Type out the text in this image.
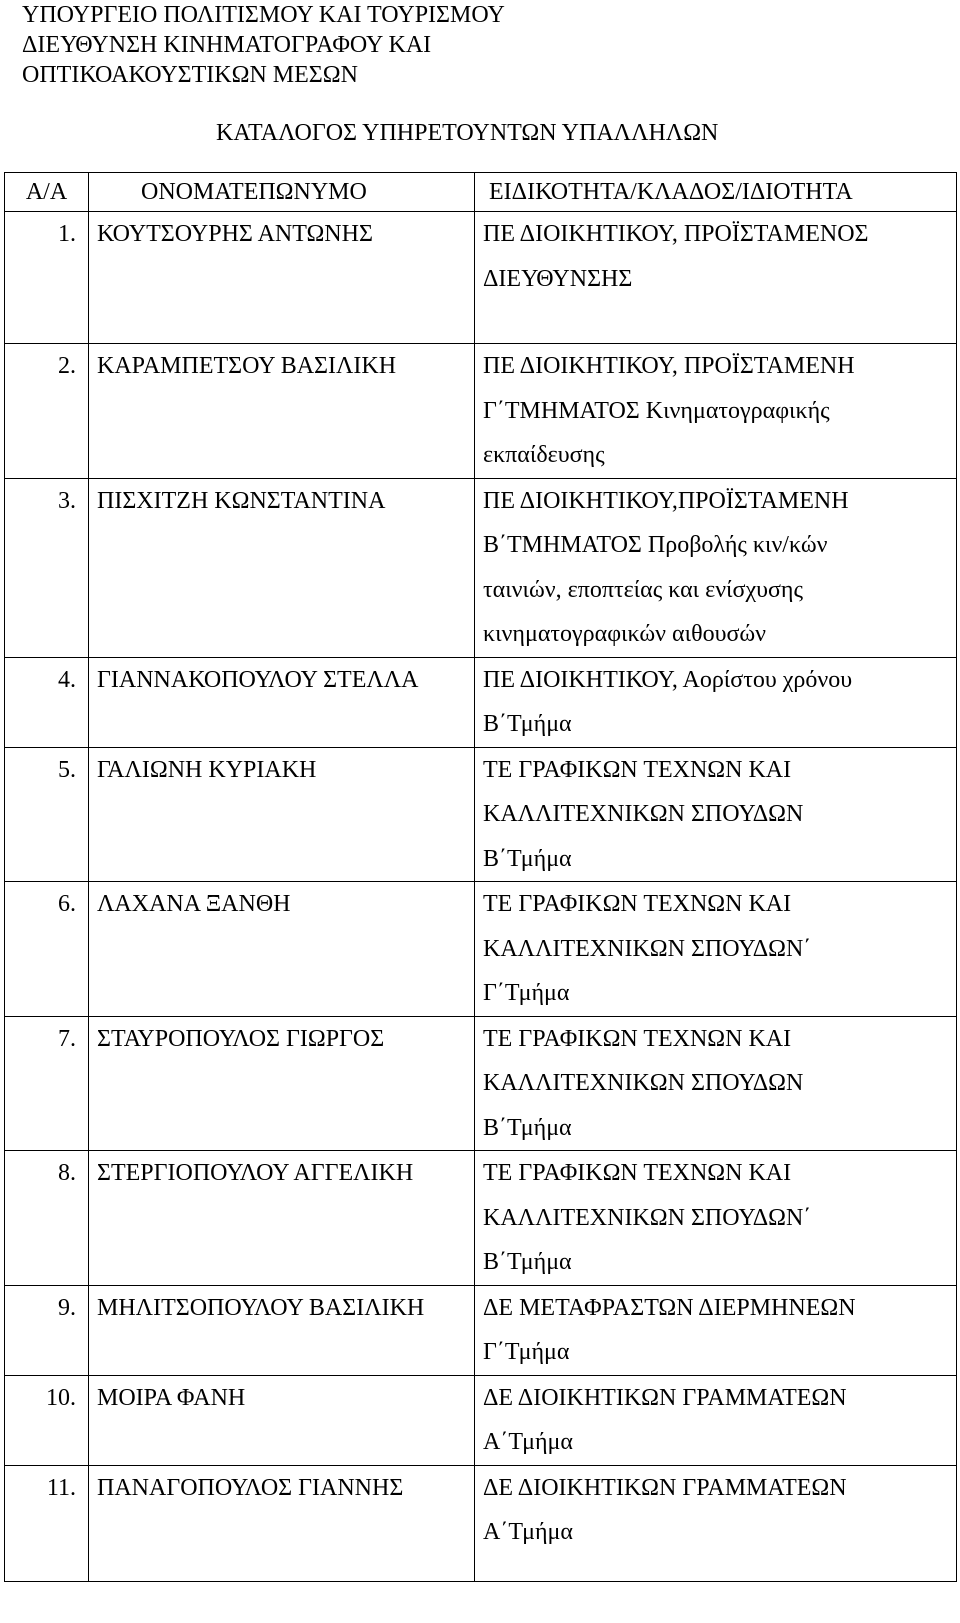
ΥΠΟΥΡΓΕΙΟ ΠΟΛΙΤΙΣΜΟΥ ΚΑΙ ΤΟΥΡΙΣΜΟΥ
ΔΙΕΥΘΥΝΣΗ ΚΙΝΗΜΑΤΟΓΡΑΦΟΥ ΚΑΙ
ΟΠΤΙΚΟΑΚΟΥΣΤΙΚΩΝ ΜΕΣΩΝ
ΚΑΤΑΛΟΓΟΣ ΥΠΗΡΕΤΟΥΝΤΩΝ ΥΠΑΛΛΗΛΩΝ
Α/Α	ΟΝΟΜΑΤΕΠΩΝΥΜΟ	ΕΙΔΙΚΟΤΗΤΑ/ΚΛΑΔΟΣ/ΙΔΙΟΤΗΤΑ
1.	ΚΟΥΤΣΟΥΡΗΣ ΑΝΤΩΝΗΣ	ΠΕ ΔΙΟΙΚΗΤΙΚΟΥ, ΠΡΟΪΣΤΑΜΕΝΟΣ
ΔΙΕΥΘΥΝΣΗΣ

2.	ΚΑΡΑΜΠΕΤΣΟΥ ΒΑΣΙΛΙΚΗ	ΠΕ ΔΙΟΙΚΗΤΙΚΟΥ, ΠΡΟΪΣΤΑΜΕΝΗ
Γ΄ΤΜΗΜΑΤΟΣ Κινηματογραφικής
εκπαίδευσης

3.	ΠΙΣΧΙΤΖΗ ΚΩΝΣΤΑΝΤΙΝΑ	ΠΕ ΔΙΟΙΚΗΤΙΚΟΥ,ΠΡΟΪΣΤΑΜΕΝΗ
Β΄ΤΜΗΜΑΤΟΣ Προβολής κιν/κών
ταινιών, εποπτείας και ενίσχυσης
κινηματογραφικών αιθουσών

4.	ΓΙΑΝΝΑΚΟΠΟΥΛΟΥ ΣΤΕΛΛΑ	ΠΕ ΔΙΟΙΚΗΤΙΚΟΥ, Αορίστου χρόνου
Β΄Τμήμα

5.	ΓΑΛΙΩΝΗ ΚΥΡΙΑΚΗ	ΤΕ ΓΡΑΦΙΚΩΝ ΤΕΧΝΩΝ ΚΑΙ
ΚΑΛΛΙΤΕΧΝΙΚΩΝ ΣΠΟΥΔΩΝ
Β΄Τμήμα

6.	ΛΑΧΑΝΑ ΞΑΝΘΗ	ΤΕ ΓΡΑΦΙΚΩΝ ΤΕΧΝΩΝ ΚΑΙ
ΚΑΛΛΙΤΕΧΝΙΚΩΝ ΣΠΟΥΔΩΝ΄
Γ΄Τμήμα

7.	ΣΤΑΥΡΟΠΟΥΛΟΣ ΓΙΩΡΓΟΣ	ΤΕ ΓΡΑΦΙΚΩΝ ΤΕΧΝΩΝ ΚΑΙ
ΚΑΛΛΙΤΕΧΝΙΚΩΝ ΣΠΟΥΔΩΝ
Β΄Τμήμα

8.	ΣΤΕΡΓΙΟΠΟΥΛΟΥ ΑΓΓΕΛΙΚΗ	ΤΕ ΓΡΑΦΙΚΩΝ ΤΕΧΝΩΝ ΚΑΙ
ΚΑΛΛΙΤΕΧΝΙΚΩΝ ΣΠΟΥΔΩΝ΄
Β΄Τμήμα

9.	ΜΗΛΙΤΣΟΠΟΥΛΟΥ ΒΑΣΙΛΙΚΗ	ΔΕ ΜΕΤΑΦΡΑΣΤΩΝ ΔΙΕΡΜΗΝΕΩΝ
Γ΄Τμήμα

10.	ΜΟΙΡΑ ΦΑΝΗ	ΔΕ ΔΙΟΙΚΗΤΙΚΩΝ ΓΡΑΜΜΑΤΕΩΝ
Α΄Τμήμα

11.	ΠΑΝΑΓΟΠΟΥΛΟΣ ΓΙΑΝΝΗΣ	ΔΕ ΔΙΟΙΚΗΤΙΚΩΝ ΓΡΑΜΜΑΤΕΩΝ
Α΄Τμήμα
